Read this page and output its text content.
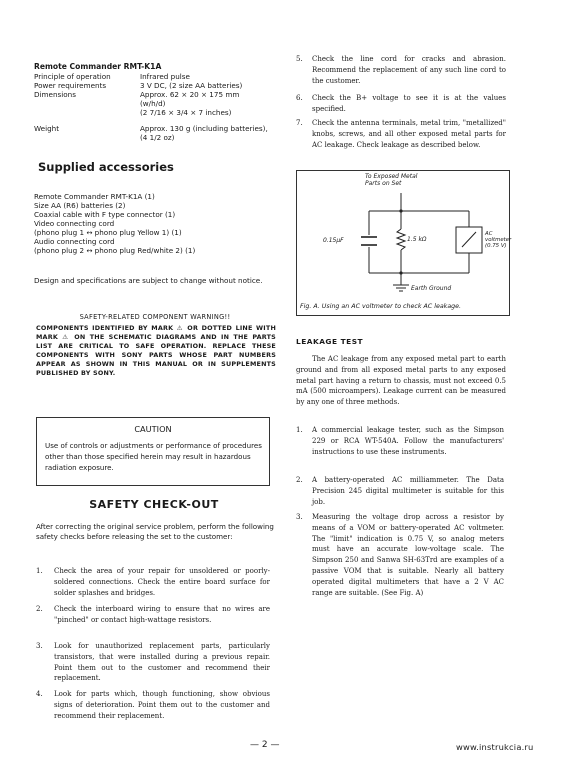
Remote Commander RMT-K1A
Principle of operation	Infrared pulse
Power requirements	3 V DC, (2 size AA batteries)
Dimensions	Approx. 62 × 20 × 175 mm
(w/h/d)
(2 7/16 × 3/4 × 7 inches)
Weight	Approx. 130 g (including batteries),
(4 1/2 oz)
Supplied accessories
Remote Commander RMT-K1A (1)
Size AA (R6) batteries (2)
Coaxial cable with F type connector (1)
Video connecting cord
(phono plug 1 ↔ phono plug Yellow 1) (1)
Audio connecting cord
(phono plug 2 ↔ phono plug Red/white 2) (1)
Design and specifications are subject to change without notice.
SAFETY-RELATED COMPONENT WARNING!!
COMPONENTS IDENTIFIED BY MARK ⚠ OR DOTTED LINE WITH MARK ⚠ ON THE SCHEMATIC DIAGRAMS AND IN THE PARTS LIST ARE CRITICAL TO SAFE OPERATION. REPLACE THESE COMPONENTS WITH SONY PARTS WHOSE PART NUMBERS APPEAR AS SHOWN IN THIS MANUAL OR IN SUPPLEMENTS PUBLISHED BY SONY.
CAUTION
Use of controls or adjustments or performance of procedures other than those specified herein may result in hazardous radiation exposure.
SAFETY CHECK-OUT
After correcting the original service problem, perform the following safety checks before releasing the set to the customer:
1. Check the area of your repair for unsoldered or poorly-soldered connections. Check the entire board surface for solder splashes and bridges.
2. Check the interboard wiring to ensure that no wires are "pinched" or contact high-wattage resistors.
3. Look for unauthorized replacement parts, particularly transistors, that were installed during a previous repair. Point them out to the customer and recommend their replacement.
4. Look for parts which, though functioning, show obvious signs of deterioration. Point them out to the customer and recommend their replacement.
5. Check the line cord for cracks and abrasion. Recommend the replacement of any such line cord to the customer.
6. Check the B+ voltage to see it is at the values specified.
7. Check the antenna terminals, metal trim, "metallized" knobs, screws, and all other exposed metal parts for AC leakage. Check leakage as described below.
To Exposed Metal
Parts on Set
0.15μF	1.5 kΩ
AC
voltmeter
(0.75 V)
Earth Ground
Fig. A. Using an AC voltmeter to check AC leakage.
LEAKAGE TEST
The AC leakage from any exposed metal part to earth ground and from all exposed metal parts to any exposed metal part having a return to chassis, must not exceed 0.5 mA (500 microampers). Leakage current can be measured by any one of three methods.
1. A commercial leakage tester, such as the Simpson 229 or RCA WT-540A. Follow the manufacturers' instructions to use these instruments.
2. A battery-operated AC milliammeter. The Data Precision 245 digital multimeter is suitable for this job.
3. Measuring the voltage drop across a resistor by means of a VOM or battery-operated AC voltmeter. The "limit" indication is 0.75 V, so analog meters must have an accurate low-voltage scale. The Simpson 250 and Sanwa SH-63Trd are examples of a passive VOM that is suitable. Nearly all battery operated digital multimeters that have a 2 V AC range are suitable. (See Fig. A)
— 2 —	www.instrukcia.ru
